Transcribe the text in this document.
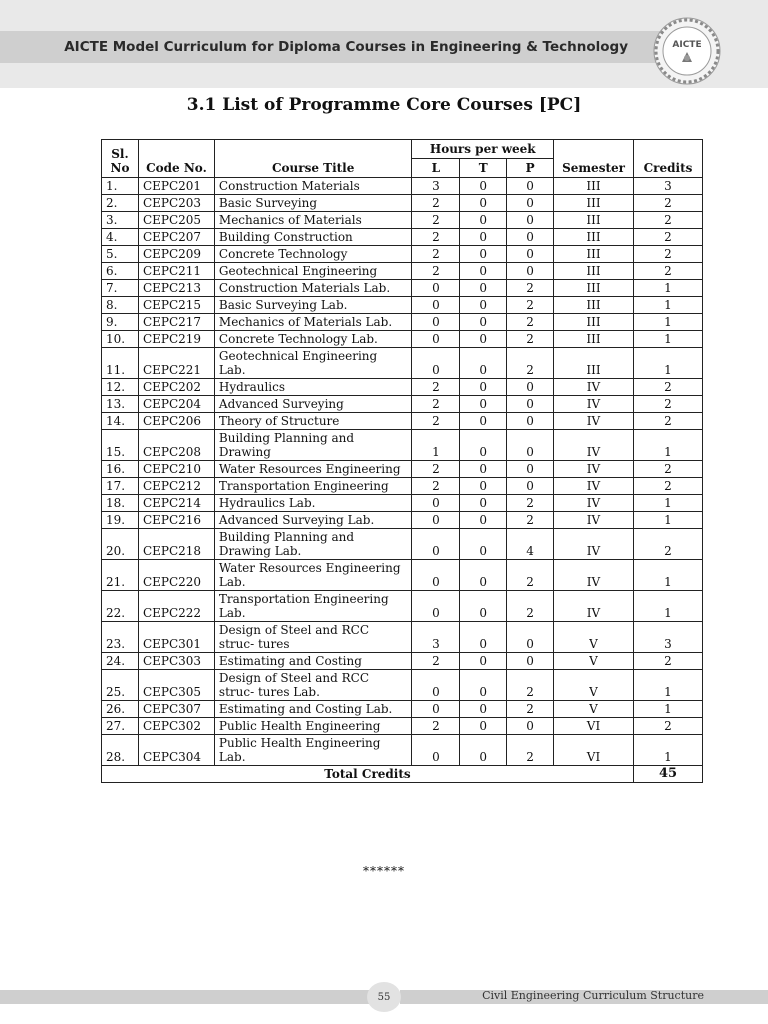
AICTE Model Curriculum for Diploma Courses in Engineering & Technology	AICTE
3.1 List of Programme Core Courses [PC]
Sl.
No	Code No.	Course Title	Hours per week			Semester	Credits
			L	T	P		
1.	CEPC201	Construction Materials	3	0	0	III	3
2.	CEPC203	Basic Surveying	2	0	0	III	2
3.	CEPC205	Mechanics of Materials	2	0	0	III	2
4.	CEPC207	Building Construction	2	0	0	III	2
5.	CEPC209	Concrete Technology	2	0	0	III	2
6.	CEPC211	Geotechnical Engineering	2	0	0	III	2
7.	CEPC213	Construction Materials Lab.	0	0	2	III	1
8.	CEPC215	Basic Surveying Lab.	0	0	2	III	1
9.	CEPC217	Mechanics of Materials Lab.	0	0	2	III	1
10.	CEPC219	Concrete Technology Lab.	0	0	2	III	1
11.	CEPC221	Geotechnical Engineering Lab.	0	0	2	III	1
12.	CEPC202	Hydraulics	2	0	0	IV	2
13.	CEPC204	Advanced Surveying	2	0	0	IV	2
14.	CEPC206	Theory of Structure	2	0	0	IV	2
15.	CEPC208	Building Planning and Drawing	1	0	0	IV	1
16.	CEPC210	Water Resources Engineering	2	0	0	IV	2
17.	CEPC212	Transportation Engineering	2	0	0	IV	2
18.	CEPC214	Hydraulics Lab.	0	0	2	IV	1
19.	CEPC216	Advanced Surveying Lab.	0	0	2	IV	1
20.	CEPC218	Building Planning and Drawing Lab.	0	0	4	IV	2
21.	CEPC220	Water Resources Engineering Lab.	0	0	2	IV	1
22.	CEPC222	Transportation Engineering Lab.	0	0	2	IV	1
23.	CEPC301	Design of Steel and RCC struc- tures	3	0	0	V	3
24.	CEPC303	Estimating and Costing	2	0	0	V	2
25.	CEPC305	Design of Steel and RCC struc- tures Lab.	0	0	2	V	1
26.	CEPC307	Estimating and Costing Lab.	0	0	2	V	1
27.	CEPC302	Public Health Engineering	2	0	0	VI	2
28.	CEPC304	Public Health Engineering Lab.	0	0	2	VI	1
Total Credits							45
******
55	Civil Engineering Curriculum Structure
